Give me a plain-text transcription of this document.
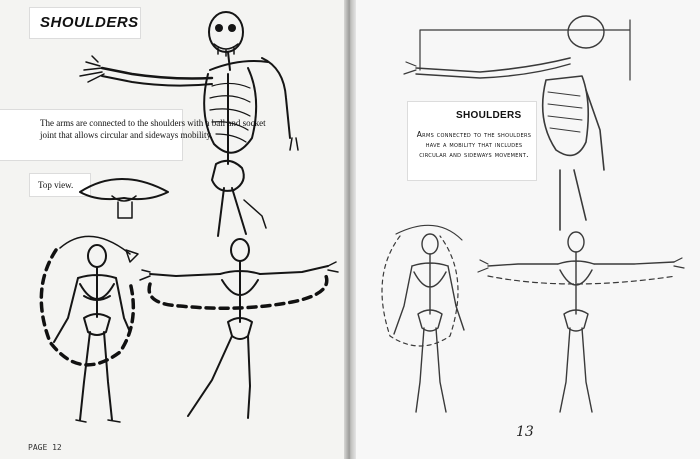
SHOULDERS
The arms are connected to the shoulders with a ball and socket joint that allows circular and sideways mobility.
Top view.
PAGE 12
SHOULDERS
Arms connected to the shoulders have a mobility that includes circular and sideways movement.
13
